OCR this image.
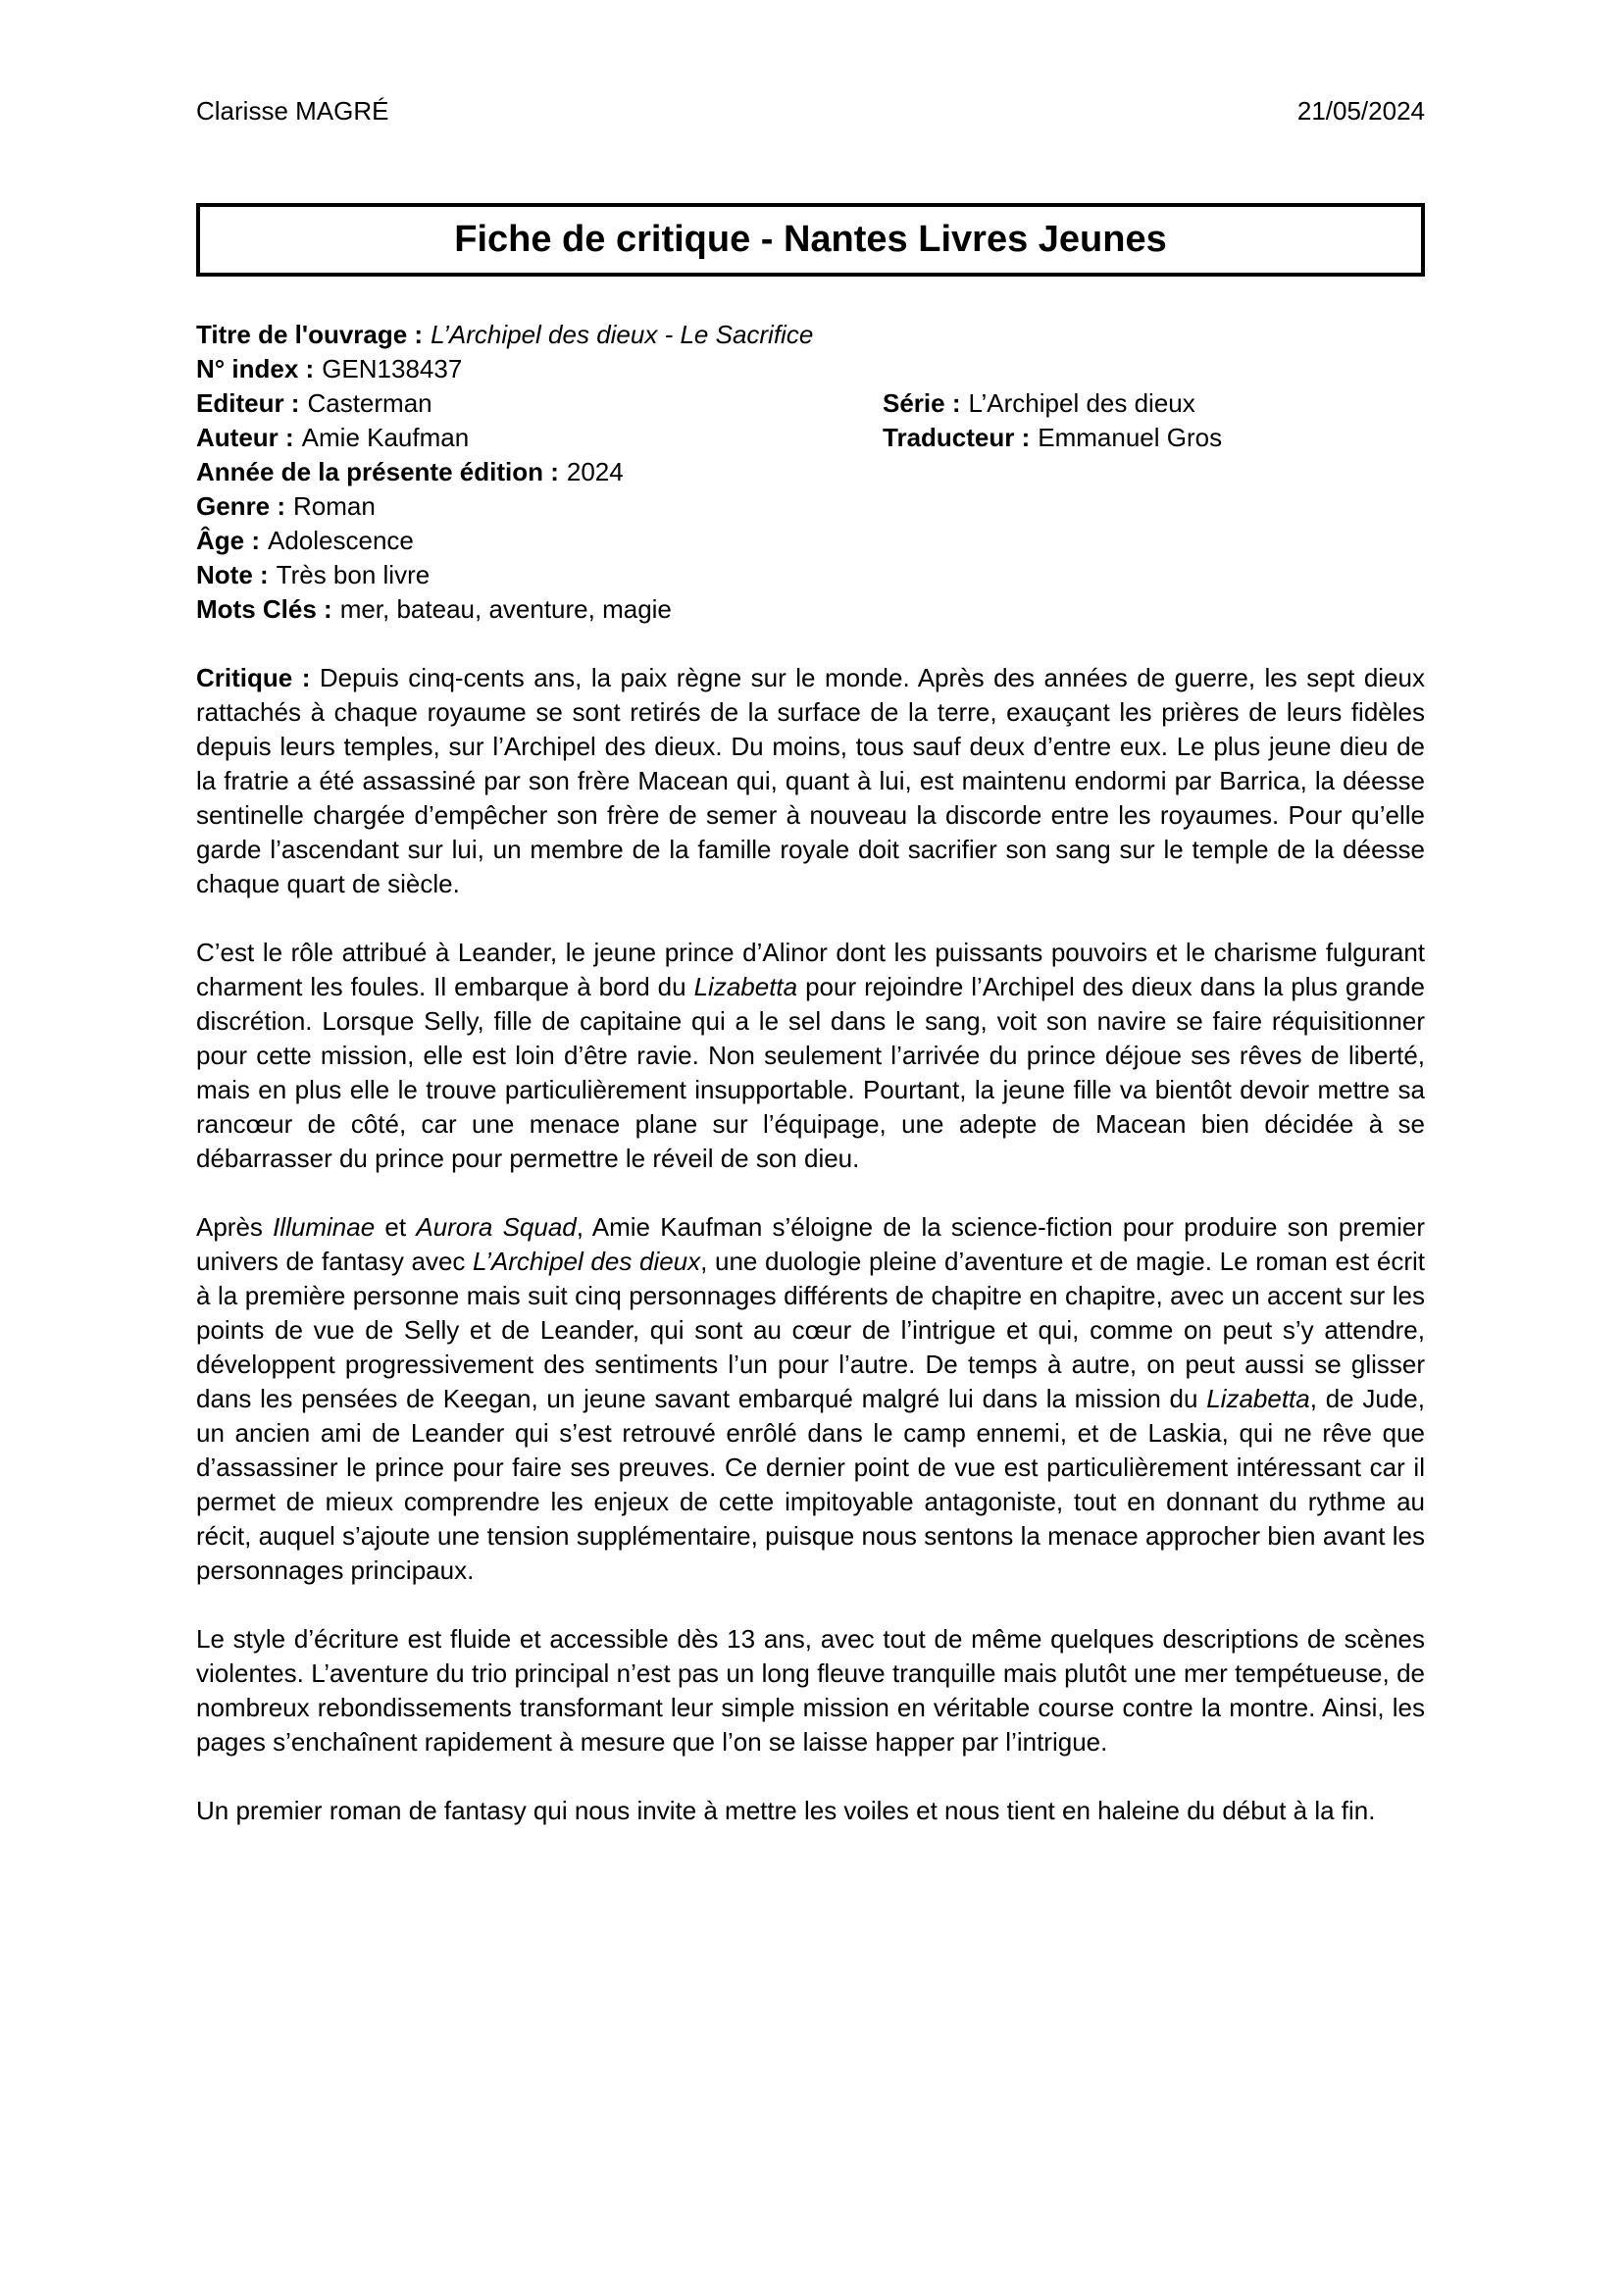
Clarisse MAGRÉ	21/05/2024
Fiche de critique - Nantes Livres Jeunes
Titre de l'ouvrage : L’Archipel des dieux - Le Sacrifice
N° index : GEN138437
Editeur : Casterman	Série : L’Archipel des dieux
Auteur : Amie Kaufman	Traducteur : Emmanuel Gros
Année de la présente édition : 2024
Genre : Roman
Âge : Adolescence
Note : Très bon livre
Mots Clés : mer, bateau, aventure, magie

Critique : Depuis cinq-cents ans, la paix règne sur le monde. Après des années de guerre, les sept dieux rattachés à chaque royaume se sont retirés de la surface de la terre, exauçant les prières de leurs fidèles depuis leurs temples, sur l’Archipel des dieux. Du moins, tous sauf deux d’entre eux. Le plus jeune dieu de la fratrie a été assassiné par son frère Macean qui, quant à lui, est maintenu endormi par Barrica, la déesse sentinelle chargée d’empêcher son frère de semer à nouveau la discorde entre les royaumes. Pour qu’elle garde l’ascendant sur lui, un membre de la famille royale doit sacrifier son sang sur le temple de la déesse chaque quart de siècle.

C’est le rôle attribué à Leander, le jeune prince d’Alinor dont les puissants pouvoirs et le charisme fulgurant charment les foules. Il embarque à bord du Lizabetta pour rejoindre l’Archipel des dieux dans la plus grande discrétion. Lorsque Selly, fille de capitaine qui a le sel dans le sang, voit son navire se faire réquisitionner pour cette mission, elle est loin d’être ravie. Non seulement l’arrivée du prince déjoue ses rêves de liberté, mais en plus elle le trouve particulièrement insupportable. Pourtant, la jeune fille va bientôt devoir mettre sa rancœur de côté, car une menace plane sur l’équipage, une adepte de Macean bien décidée à se débarrasser du prince pour permettre le réveil de son dieu.

Après Illuminae et Aurora Squad, Amie Kaufman s’éloigne de la science-fiction pour produire son premier univers de fantasy avec L’Archipel des dieux, une duologie pleine d’aventure et de magie. Le roman est écrit à la première personne mais suit cinq personnages différents de chapitre en chapitre, avec un accent sur les points de vue de Selly et de Leander, qui sont au cœur de l’intrigue et qui, comme on peut s’y attendre, développent progressivement des sentiments l’un pour l’autre. De temps à autre, on peut aussi se glisser dans les pensées de Keegan, un jeune savant embarqué malgré lui dans la mission du Lizabetta, de Jude, un ancien ami de Leander qui s’est retrouvé enrôlé dans le camp ennemi, et de Laskia, qui ne rêve que d’assassiner le prince pour faire ses preuves. Ce dernier point de vue est particulièrement intéressant car il permet de mieux comprendre les enjeux de cette impitoyable antagoniste, tout en donnant du rythme au récit, auquel s’ajoute une tension supplémentaire, puisque nous sentons la menace approcher bien avant les personnages principaux.

Le style d’écriture est fluide et accessible dès 13 ans, avec tout de même quelques descriptions de scènes violentes. L’aventure du trio principal n’est pas un long fleuve tranquille mais plutôt une mer tempétueuse, de nombreux rebondissements transformant leur simple mission en véritable course contre la montre. Ainsi, les pages s’enchaînent rapidement à mesure que l’on se laisse happer par l’intrigue.

Un premier roman de fantasy qui nous invite à mettre les voiles et nous tient en haleine du début à la fin.
